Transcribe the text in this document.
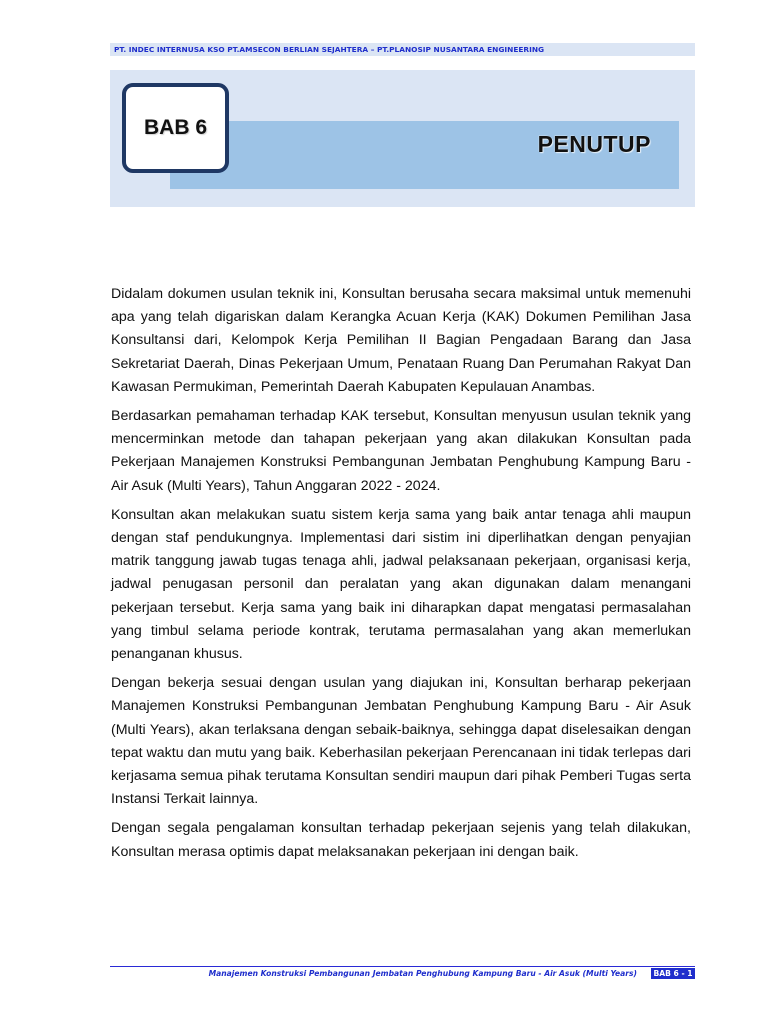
PT. INDEC INTERNUSA KSO PT.AMSECON BERLIAN SEJAHTERA – PT.PLANOSIP NUSANTARA ENGINEERING
PENUTUP
BAB 6

Didalam dokumen usulan teknik ini, Konsultan berusaha secara maksimal untuk memenuhi apa yang telah digariskan dalam Kerangka Acuan Kerja (KAK) Dokumen Pemilihan Jasa Konsultansi dari, Kelompok Kerja Pemilihan II Bagian Pengadaan Barang dan Jasa Sekretariat Daerah, Dinas Pekerjaan Umum, Penataan Ruang Dan Perumahan Rakyat Dan Kawasan Permukiman, Pemerintah Daerah Kabupaten Kepulauan Anambas.

Berdasarkan pemahaman terhadap KAK tersebut, Konsultan menyusun usulan teknik yang mencerminkan metode dan tahapan pekerjaan yang akan dilakukan Konsultan pada Pekerjaan Manajemen Konstruksi Pembangunan Jembatan Penghubung Kampung Baru - Air Asuk (Multi Years), Tahun Anggaran 2022 - 2024.

Konsultan akan melakukan suatu sistem kerja sama yang baik antar tenaga ahli maupun dengan staf pendukungnya. Implementasi dari sistim ini diperlihatkan dengan penyajian matrik tanggung jawab tugas tenaga ahli, jadwal pelaksanaan pekerjaan, organisasi kerja, jadwal penugasan personil dan peralatan yang akan digunakan dalam menangani pekerjaan tersebut. Kerja sama yang baik ini diharapkan dapat mengatasi permasalahan yang timbul selama periode kontrak, terutama permasalahan yang akan memerlukan penanganan khusus.

Dengan bekerja sesuai dengan usulan yang diajukan ini, Konsultan berharap pekerjaan Manajemen Konstruksi Pembangunan Jembatan Penghubung Kampung Baru - Air Asuk (Multi Years), akan terlaksana dengan sebaik-baiknya, sehingga dapat diselesaikan dengan tepat waktu dan mutu yang baik. Keberhasilan pekerjaan Perencanaan ini tidak terlepas dari kerjasama semua pihak terutama Konsultan sendiri maupun dari pihak Pemberi Tugas serta Instansi Terkait lainnya.

Dengan segala pengalaman konsultan terhadap pekerjaan sejenis yang telah dilakukan, Konsultan merasa optimis dapat melaksanakan pekerjaan ini dengan baik.

Manajemen Konstruksi Pembangunan Jembatan Penghubung Kampung Baru - Air Asuk (Multi Years)	BAB 6 - 1
